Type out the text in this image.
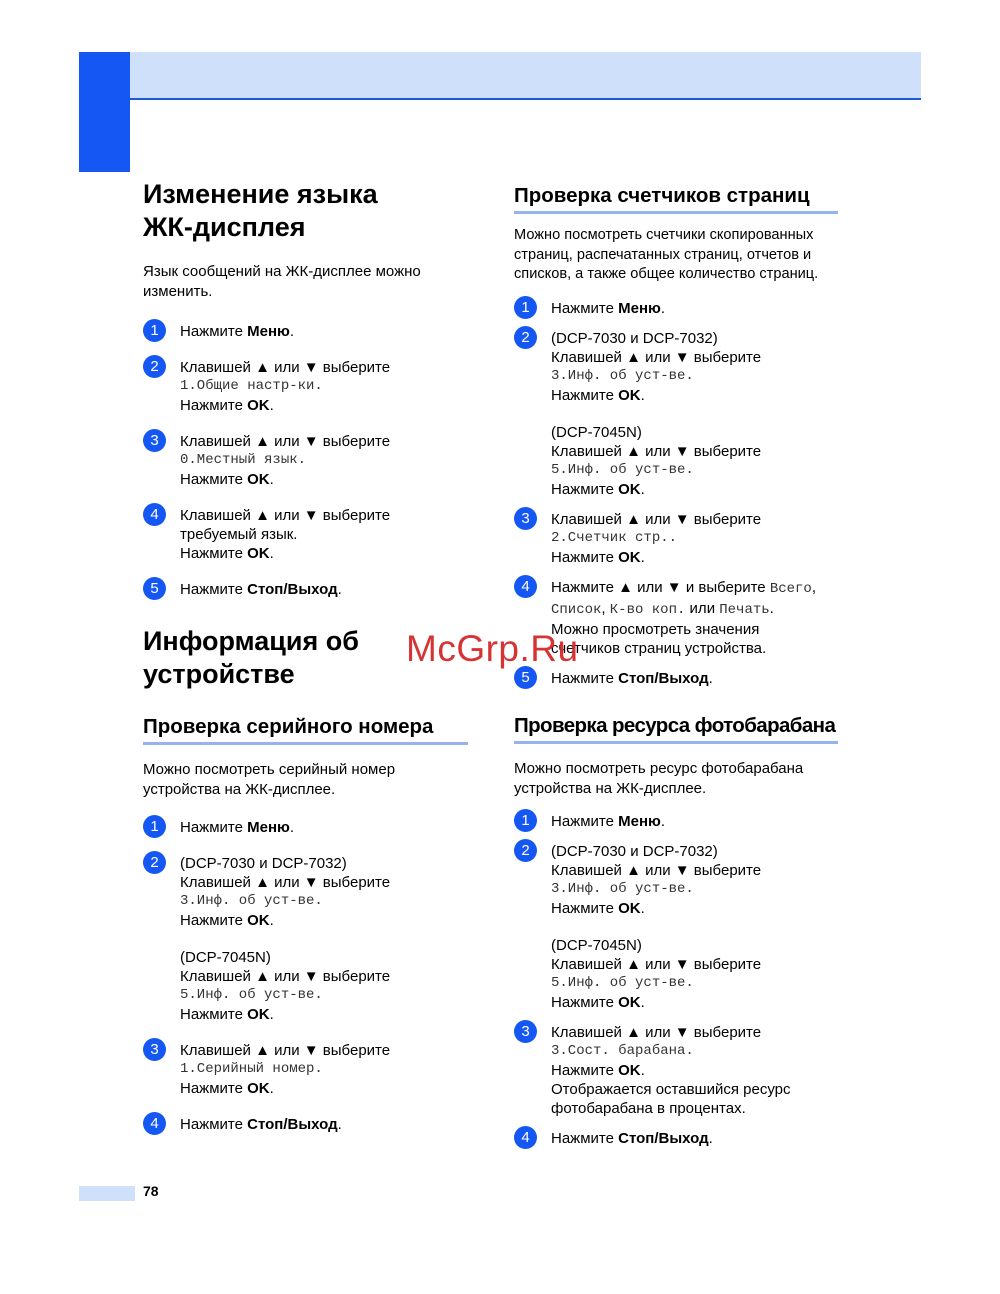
Изменение языка ЖК-дисплея

Язык сообщений на ЖК-дисплее можно изменить.

1	Нажмите Меню.
2	Клавишей ▲ или ▼ выберите
1.Общие настр-ки.
Нажмите OK.
3	Клавишей ▲ или ▼ выберите
0.Местный язык.
Нажмите OK.
4	Клавишей ▲ или ▼ выберите
требуемый язык.
Нажмите OK.
5	Нажмите Стоп/Выход.
Информация об устройстве
Проверка серийного номера

Можно посмотреть серийный номер устройства на ЖК-дисплее.

1	Нажмите Меню.
2	(DCP-7030 и DCP-7032)
Клавишей ▲ или ▼ выберите
3.Инф. об уст-ве.
Нажмите OK.
(DCP-7045N)
Клавишей ▲ или ▼ выберите
5.Инф. об уст-ве.
Нажмите OK.
3	Клавишей ▲ или ▼ выберите
1.Серийный номер.
Нажмите OK.
4	Нажмите Стоп/Выход.
Проверка счетчиков страниц

Можно посмотреть счетчики скопированных страниц, распечатанных страниц, отчетов и списков, а также общее количество страниц.

1	Нажмите Меню.
2	(DCP-7030 и DCP-7032)
Клавишей ▲ или ▼ выберите
3.Инф. об уст-ве.
Нажмите OK.
(DCP-7045N)
Клавишей ▲ или ▼ выберите
5.Инф. об уст-ве.
Нажмите OK.
3	Клавишей ▲ или ▼ выберите
2.Счетчик стр..
Нажмите OK.
4	Нажмите ▲ или ▼ и выберите Всего,
Список, К-во коп. или Печать.
Можно просмотреть значения
счетчиков страниц устройства.
5	Нажмите Стоп/Выход.
Проверка ресурса фотобарабана

Можно посмотреть ресурс фотобарабана устройства на ЖК-дисплее.

1	Нажмите Меню.
2	(DCP-7030 и DCP-7032)
Клавишей ▲ или ▼ выберите
3.Инф. об уст-ве.
Нажмите OK.
(DCP-7045N)
Клавишей ▲ или ▼ выберите
5.Инф. об уст-ве.
Нажмите OK.
3	Клавишей ▲ или ▼ выберите
3.Сост. барабана.
Нажмите OK.
Отображается оставшийся ресурс
фотобарабана в процентах.
4	Нажмите Стоп/Выход.
McGrp.Ru
78
